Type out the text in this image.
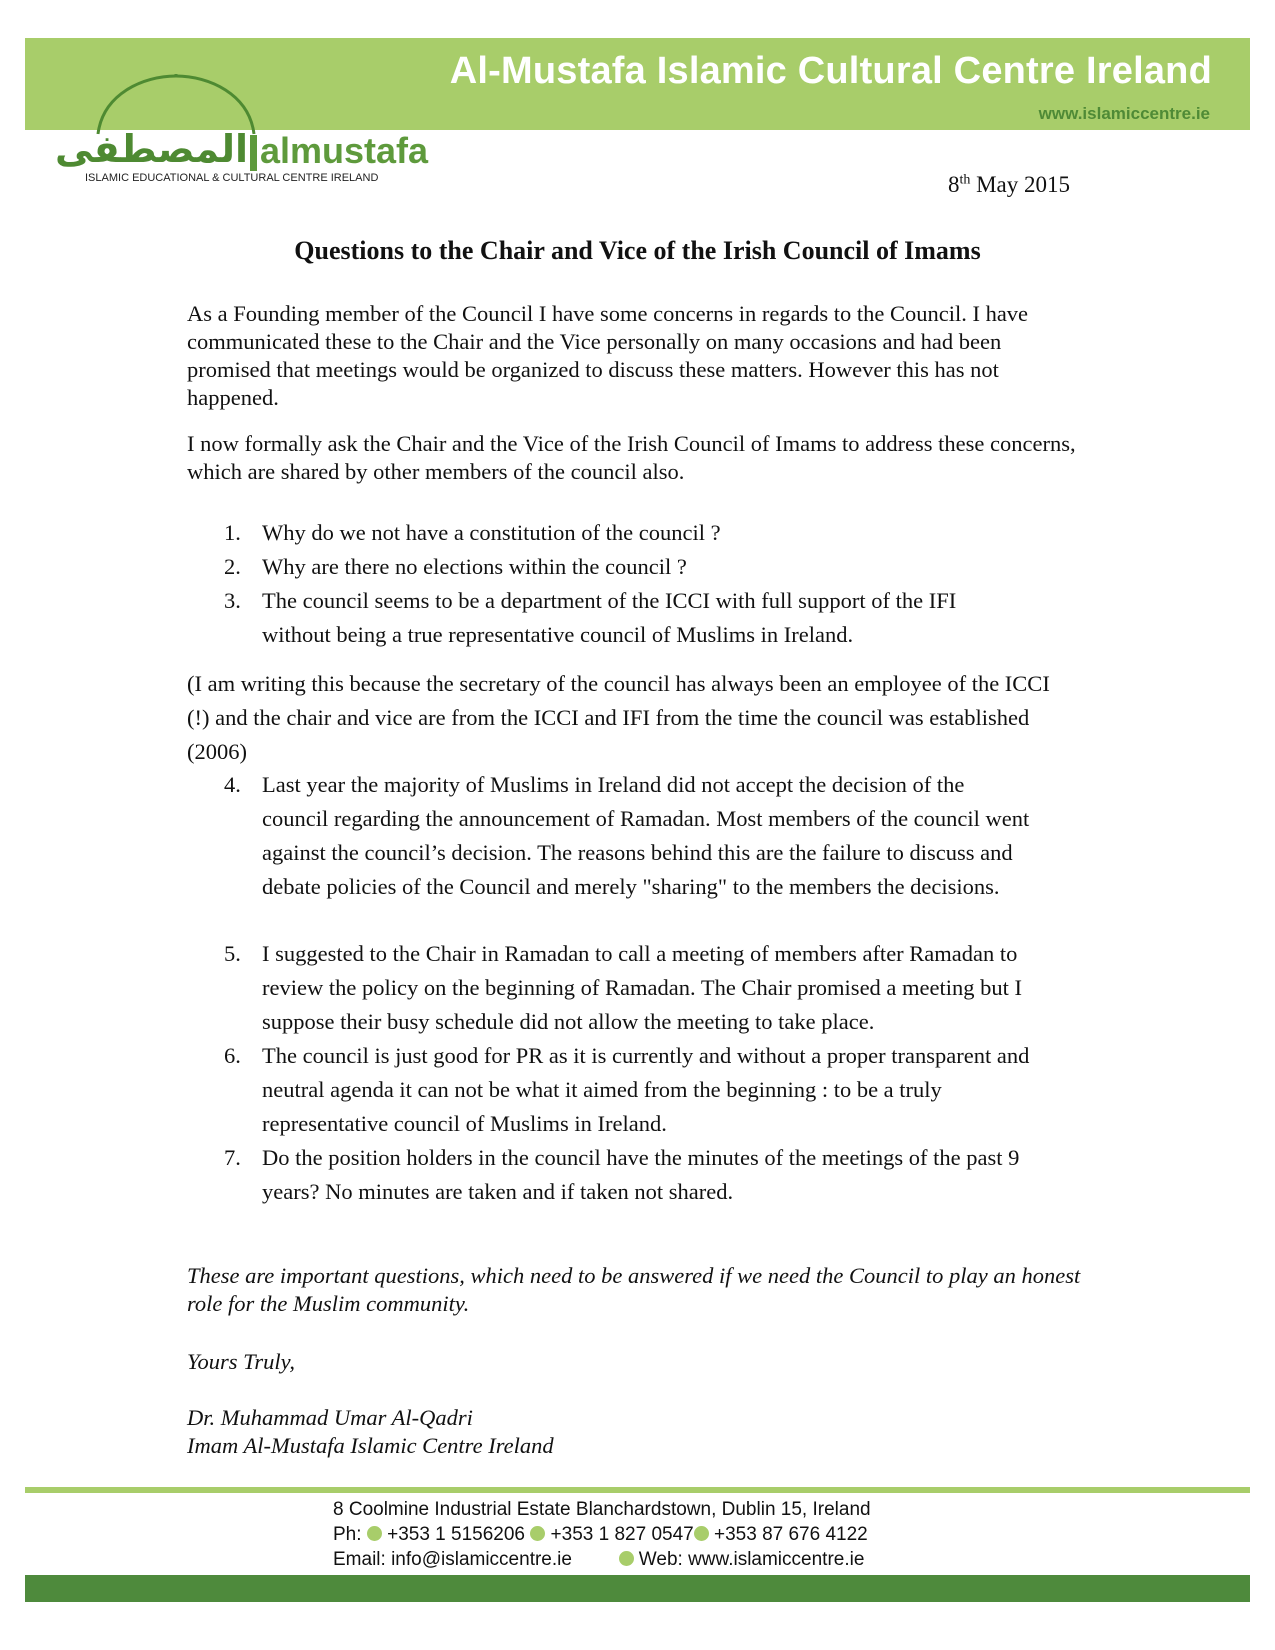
Al-Mustafa Islamic Cultural Centre Ireland
www.islamiccentre.ie
المصطفى almustafa
ISLAMIC EDUCATIONAL & CULTURAL CENTRE IRELAND	8th May 2015
Questions to the Chair and Vice of the Irish Council of Imams

As a Founding member of the Council I have some concerns in regards to the Council. I have communicated these to the Chair and the Vice personally on many occasions and had been promised that meetings would be organized to discuss these matters. However this has not happened.

I now formally ask the Chair and the Vice of the Irish Council of Imams to address these concerns, which are shared by other members of the council also.

1. Why do we not have a constitution of the council ?
2. Why are there no elections within the council ?
3. The council seems to be a department of the ICCI with full support of the IFI without being a true representative council of Muslims in Ireland.
(I am writing this because the secretary of the council has always been an employee of the ICCI (!) and the chair and vice are from the ICCI and IFI from the time the council was established (2006)
4. Last year the majority of Muslims in Ireland did not accept the decision of the council regarding the announcement of Ramadan. Most members of the council went against the council’s decision. The reasons behind this are the failure to discuss and debate policies of the Council and merely "sharing" to the members the decisions.
5. I suggested to the Chair in Ramadan to call a meeting of members after Ramadan to review the policy on the beginning of Ramadan. The Chair promised a meeting but I suppose their busy schedule did not allow the meeting to take place.
6. The council is just good for PR as it is currently and without a proper transparent and neutral agenda it can not be what it aimed from the beginning : to be a truly representative council of Muslims in Ireland.
7. Do the position holders in the council have the minutes of the meetings of the past 9 years? No minutes are taken and if taken not shared.
These are important questions, which need to be answered if we need the Council to play an honest role for the Muslim community.
Yours Truly,
Dr. Muhammad Umar Al-Qadri
Imam Al-Mustafa Islamic Centre Ireland
8 Coolmine Industrial Estate Blanchardstown, Dublin 15, Ireland
Ph: +353 1 5156206 +353 1 827 0547 +353 87 676 4122
Email: info@islamiccentre.ie	Web: www.islamiccentre.ie
